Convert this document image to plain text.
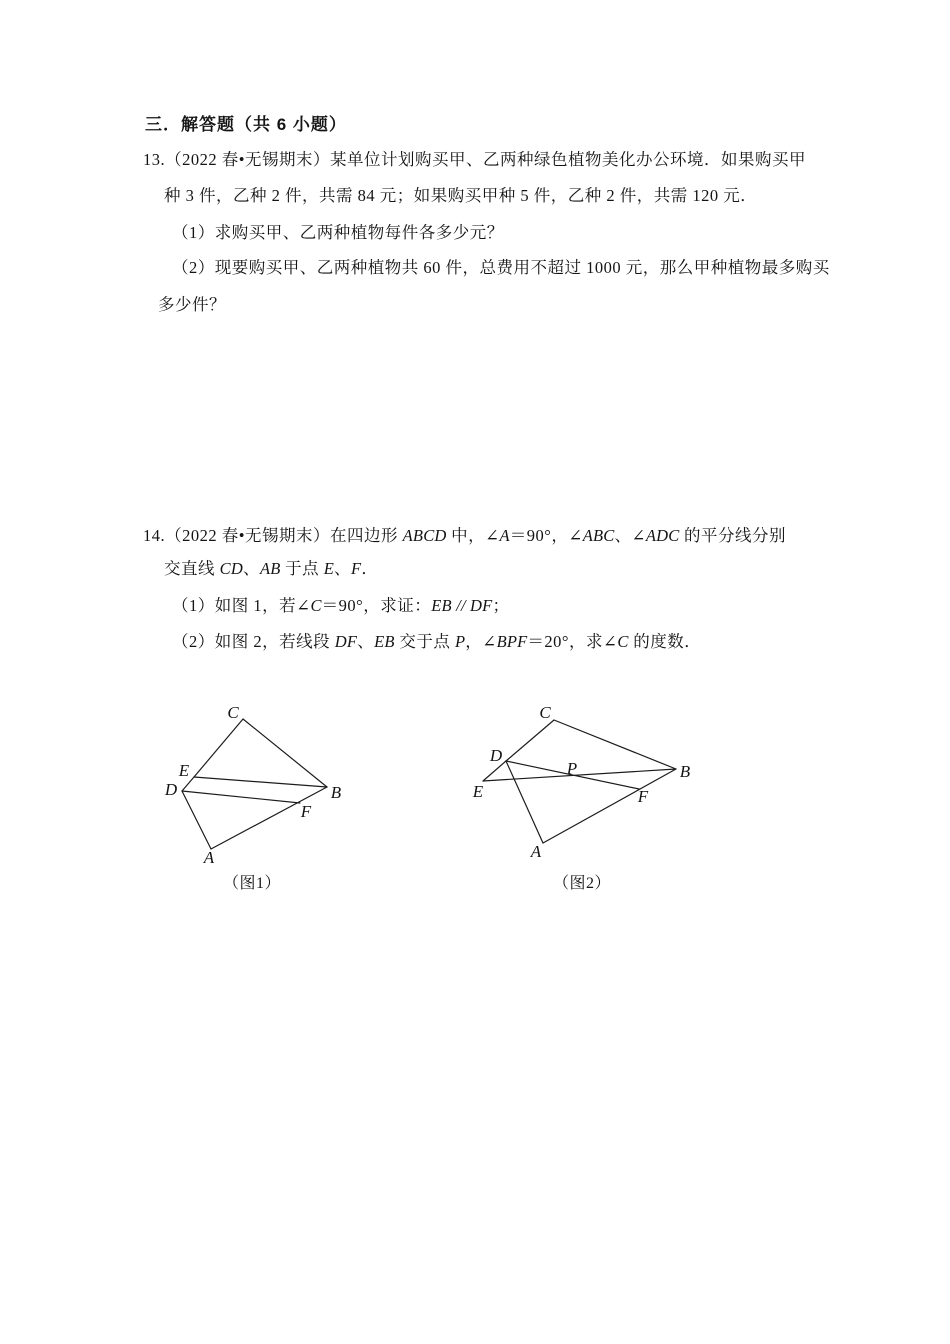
三．解答题（共 6 小题）
13.（2022 春•无锡期末）某单位计划购买甲、乙两种绿色植物美化办公环境．如果购买甲
种 3 件，乙种 2 件，共需 84 元；如果购买甲种 5 件，乙种 2 件，共需 120 元．
（1）求购买甲、乙两种植物每件各多少元？
（2）现要购买甲、乙两种植物共 60 件，总费用不超过 1000 元，那么甲种植物最多购买
多少件？
14.（2022 春•无锡期末）在四边形 ABCD 中，∠A＝90°，∠ABC、∠ADC 的平分线分别
交直线 CD、AB 于点 E、F．
（1）如图 1，若∠C＝90°，求证：EB // DF；
（2）如图 2，若线段 DF、EB 交于点 P，∠BPF＝20°，求∠C 的度数．
C
E
D	B
F
A
C
D
E
P	B
F
A
（图1）	（图2）
